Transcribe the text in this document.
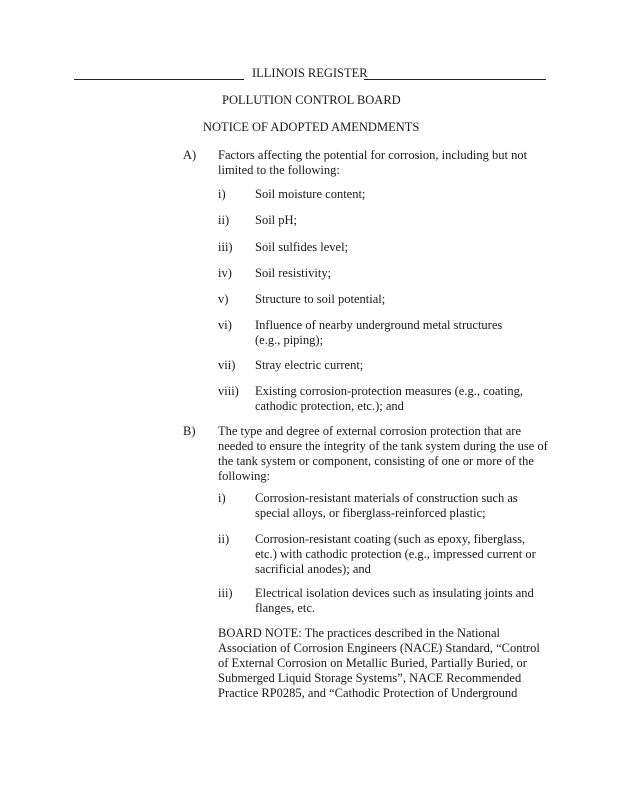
ILLINOIS REGISTER
POLLUTION CONTROL BOARD
NOTICE OF ADOPTED AMENDMENTS
A) Factors affecting the potential for corrosion, including but not limited to the following:
i) Soil moisture content;
ii) Soil pH;
iii) Soil sulfides level;
iv) Soil resistivity;
v) Structure to soil potential;
vi) Influence of nearby underground metal structures (e.g., piping);
vii) Stray electric current;
viii) Existing corrosion-protection measures (e.g., coating, cathodic protection, etc.); and
B) The type and degree of external corrosion protection that are needed to ensure the integrity of the tank system during the use of the tank system or component, consisting of one or more of the following:
i) Corrosion-resistant materials of construction such as special alloys, or fiberglass-reinforced plastic;
ii) Corrosion-resistant coating (such as epoxy, fiberglass, etc.) with cathodic protection (e.g., impressed current or sacrificial anodes); and
iii) Electrical isolation devices such as insulating joints and flanges, etc.
BOARD NOTE: The practices described in the National Association of Corrosion Engineers (NACE) Standard, “Control of External Corrosion on Metallic Buried, Partially Buried, or Submerged Liquid Storage Systems”, NACE Recommended Practice RP0285, and “Cathodic Protection of Underground
